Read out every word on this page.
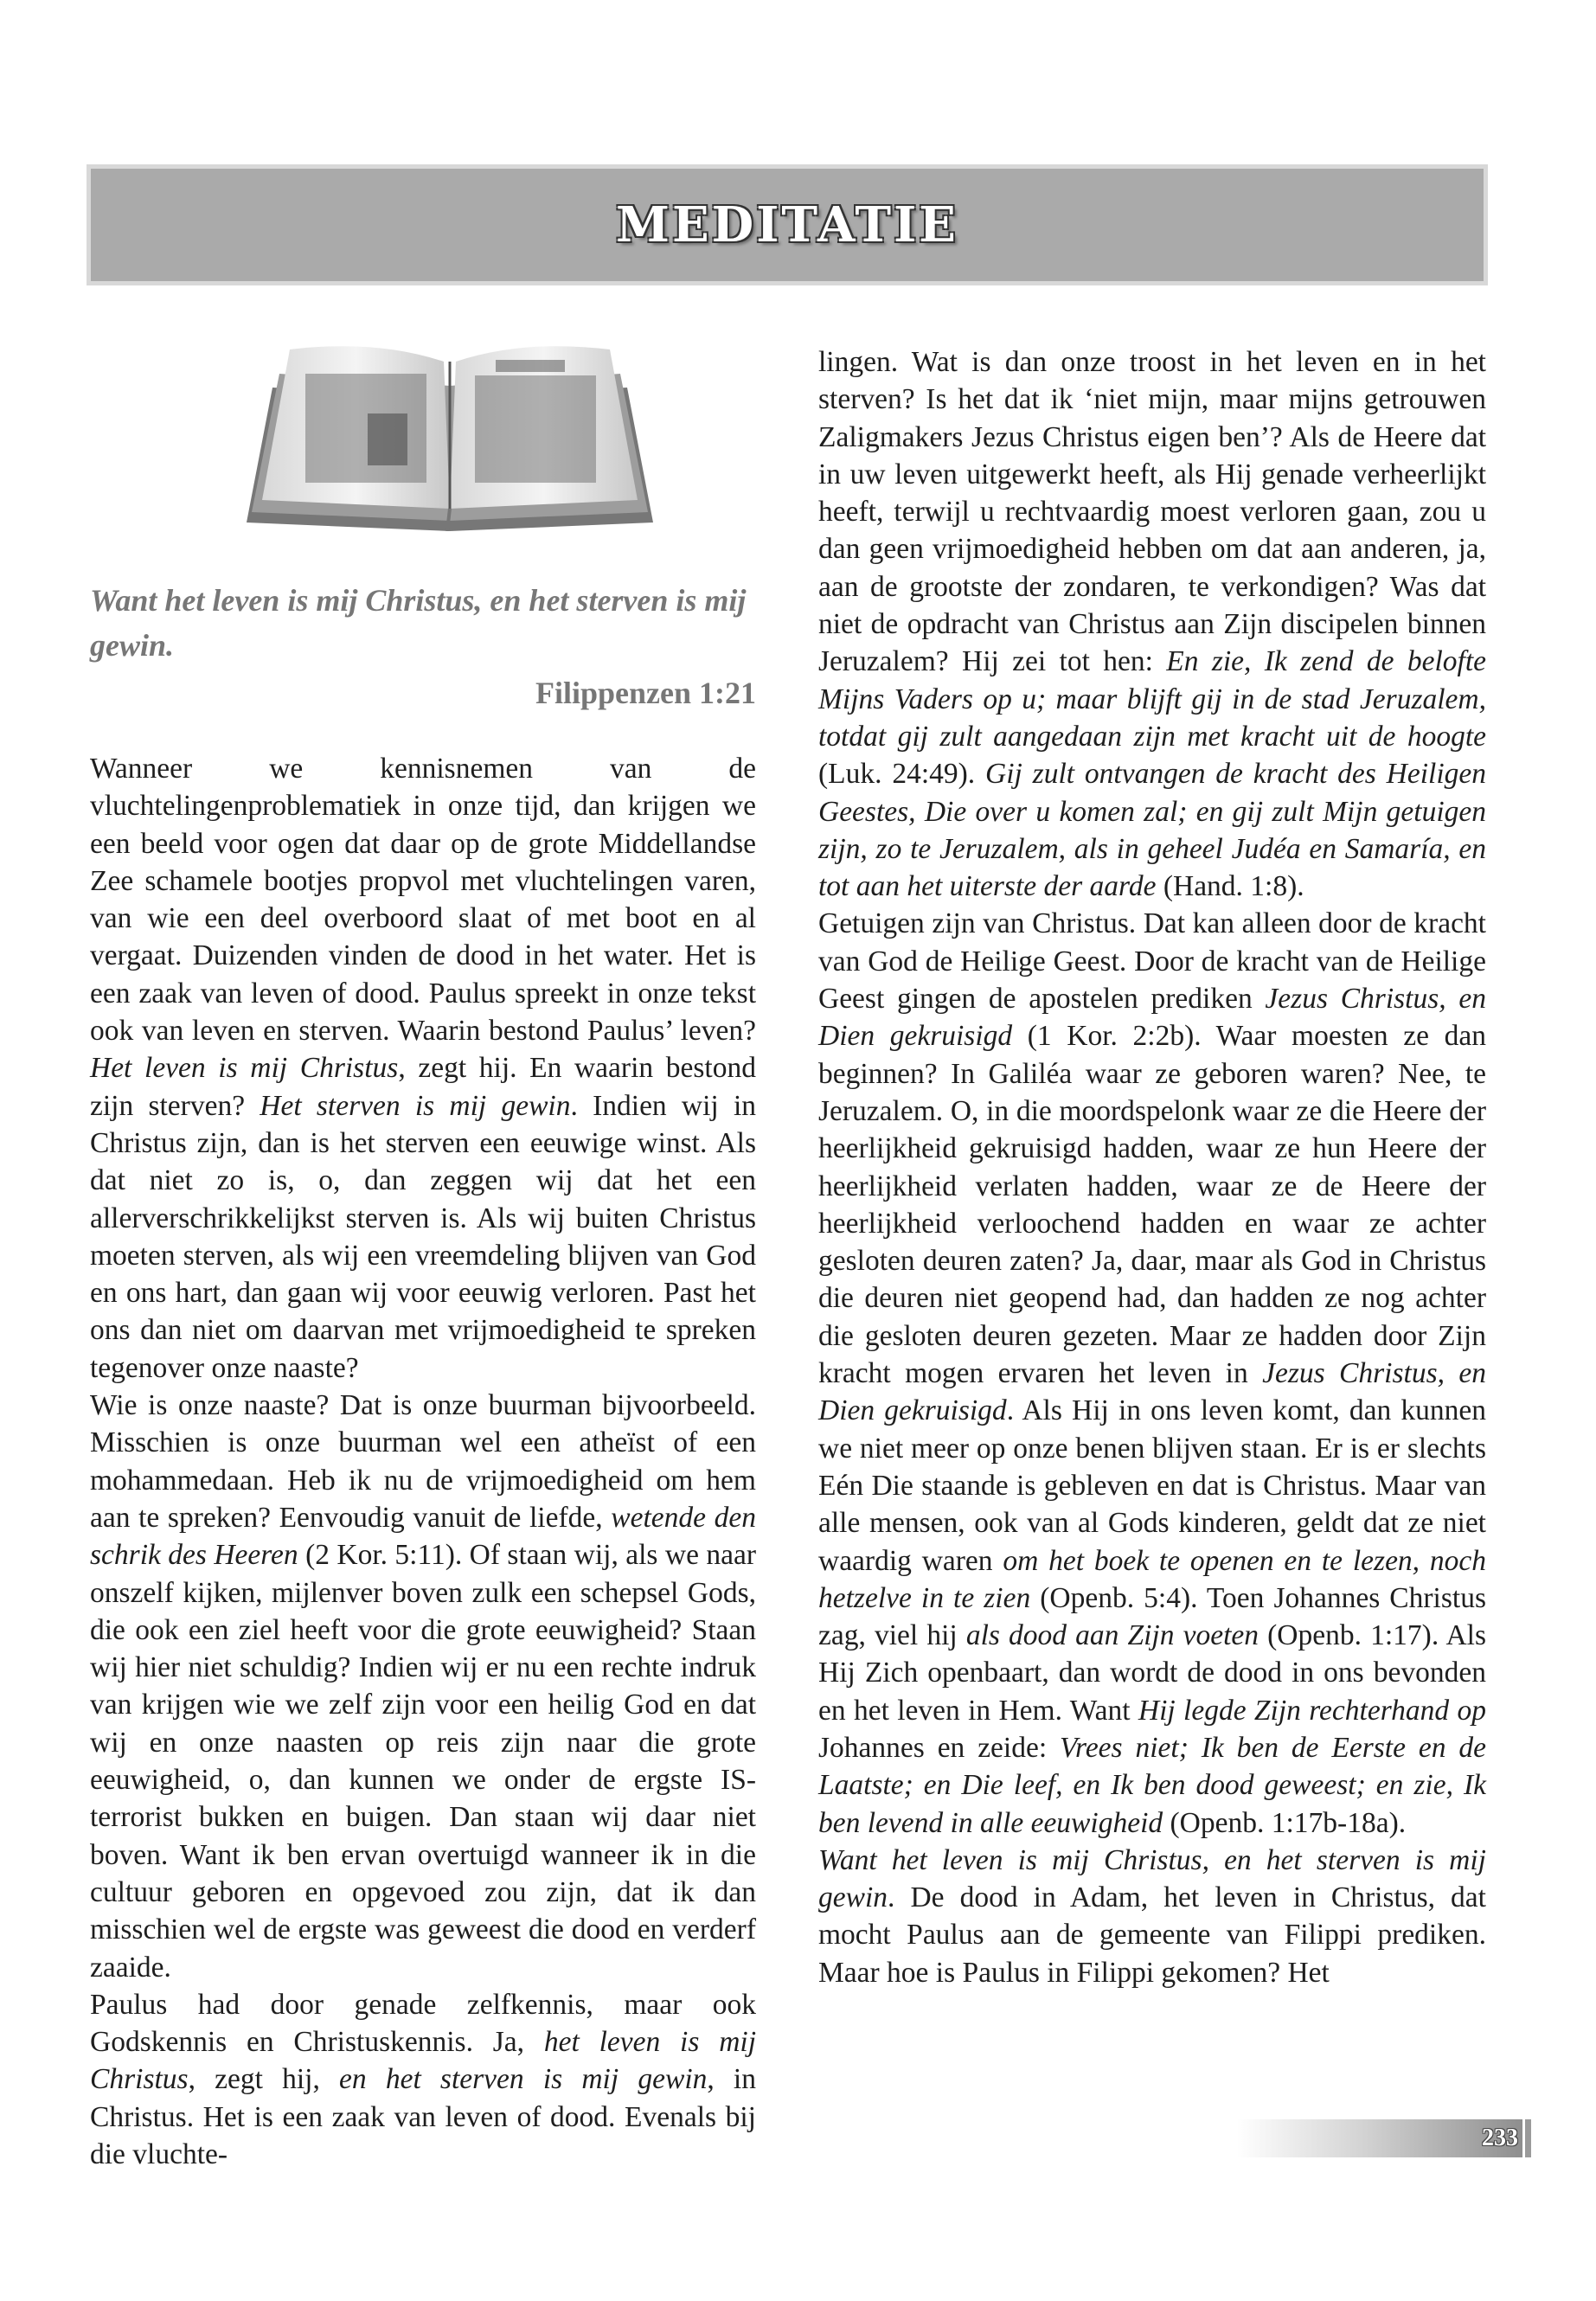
MEDITATIE
Want het leven is mij Christus, en het sterven is mij gewin.
Filippenzen 1:21

Wanneer we kennisnemen van de vluchtelingenproblematiek in onze tijd, dan krijgen we een beeld voor ogen dat daar op de grote Middellandse Zee schamele bootjes propvol met vluchtelingen varen, van wie een deel overboord slaat of met boot en al vergaat. Duizenden vinden de dood in het water. Het is een zaak van leven of dood. Paulus spreekt in onze tekst ook van leven en sterven. Waarin bestond Paulus’ leven? Het leven is mij Christus, zegt hij. En waarin bestond zijn sterven? Het sterven is mij gewin. Indien wij in Christus zijn, dan is het sterven een eeuwige winst. Als dat niet zo is, o, dan zeggen wij dat het een allerverschrikkelijkst sterven is. Als wij buiten Christus moeten sterven, als wij een vreemdeling blijven van God en ons hart, dan gaan wij voor eeuwig verloren. Past het ons dan niet om daarvan met vrijmoedigheid te spreken tegenover onze naaste?

Wie is onze naaste? Dat is onze buurman bijvoorbeeld. Misschien is onze buurman wel een atheïst of een mohammedaan. Heb ik nu de vrijmoedigheid om hem aan te spreken? Eenvoudig vanuit de liefde, wetende den schrik des Heeren (2 Kor. 5:11). Of staan wij, als we naar onszelf kijken, mijlenver boven zulk een schepsel Gods, die ook een ziel heeft voor die grote eeuwigheid? Staan wij hier niet schuldig? Indien wij er nu een rechte indruk van krijgen wie we zelf zijn voor een heilig God en dat wij en onze naasten op reis zijn naar die grote eeuwigheid, o, dan kunnen we onder de ergste IS-terrorist bukken en buigen. Dan staan wij daar niet boven. Want ik ben ervan overtuigd wanneer ik in die cultuur geboren en opgevoed zou zijn, dat ik dan misschien wel de ergste was geweest die dood en verderf zaaide.

Paulus had door genade zelfkennis, maar ook Godskennis en Christuskennis. Ja, het leven is mij Christus, zegt hij, en het sterven is mij gewin, in Christus. Het is een zaak van leven of dood. Evenals bij die vluchte-

lingen. Wat is dan onze troost in het leven en in het sterven? Is het dat ik ‘niet mijn, maar mijns getrouwen Zaligmakers Jezus Christus eigen ben’? Als de Heere dat in uw leven uitgewerkt heeft, als Hij genade verheerlijkt heeft, terwijl u rechtvaardig moest verloren gaan, zou u dan geen vrijmoedigheid hebben om dat aan anderen, ja, aan de grootste der zondaren, te verkondigen? Was dat niet de opdracht van Christus aan Zijn discipelen binnen Jeruzalem? Hij zei tot hen: En zie, Ik zend de belofte Mijns Vaders op u; maar blijft gij in de stad Jeruzalem, totdat gij zult aangedaan zijn met kracht uit de hoogte (Luk. 24:49). Gij zult ontvangen de kracht des Heiligen Geestes, Die over u komen zal; en gij zult Mijn getuigen zijn, zo te Jeruzalem, als in geheel Judéa en Samaría, en tot aan het uiterste der aarde (Hand. 1:8).

Getuigen zijn van Christus. Dat kan alleen door de kracht van God de Heilige Geest. Door de kracht van de Heilige Geest gingen de apostelen prediken Jezus Christus, en Dien gekruisigd (1 Kor. 2:2b). Waar moesten ze dan beginnen? In Galiléa waar ze geboren waren? Nee, te Jeruzalem. O, in die moordspelonk waar ze die Heere der heerlijkheid gekruisigd hadden, waar ze hun Heere der heerlijkheid verlaten hadden, waar ze de Heere der heerlijkheid verloochend hadden en waar ze achter gesloten deuren zaten? Ja, daar, maar als God in Christus die deuren niet geopend had, dan hadden ze nog achter die gesloten deuren gezeten. Maar ze hadden door Zijn kracht mogen ervaren het leven in Jezus Christus, en Dien gekruisigd. Als Hij in ons leven komt, dan kunnen we niet meer op onze benen blijven staan. Er is er slechts Eén Die staande is gebleven en dat is Christus. Maar van alle mensen, ook van al Gods kinderen, geldt dat ze niet waardig waren om het boek te openen en te lezen, noch hetzelve in te zien (Openb. 5:4). Toen Johannes Christus zag, viel hij als dood aan Zijn voeten (Openb. 1:17). Als Hij Zich openbaart, dan wordt de dood in ons bevonden en het leven in Hem. Want Hij legde Zijn rechterhand op Johannes en zeide: Vrees niet; Ik ben de Eerste en de Laatste; en Die leef, en Ik ben dood geweest; en zie, Ik ben levend in alle eeuwigheid (Openb. 1:17b-18a).

Want het leven is mij Christus, en het sterven is mij gewin. De dood in Adam, het leven in Christus, dat mocht Paulus aan de gemeente van Filippi prediken. Maar hoe is Paulus in Filippi gekomen? Het

233
